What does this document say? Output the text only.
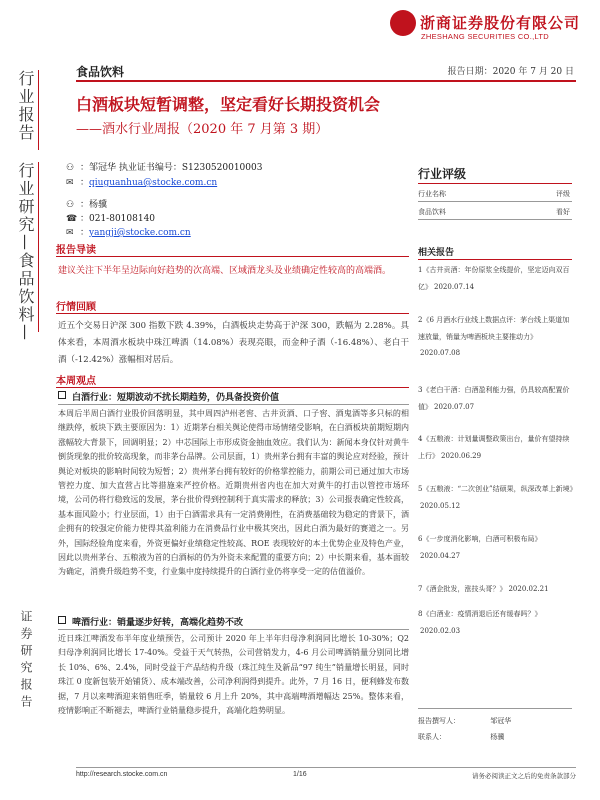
浙商证券股份有限公司
ZHESHANG SECURITIES CO.,LTD
食品饮料	报告日期：2020 年 7 月 20 日
行业报告
行业研究—食品饮料—
证券研究报告
白酒板块短暂调整，坚定看好长期投资机会
——酒水行业周报（2020 年 7 月第 3 期）
⚇ ：邹冠华 执业证书编号：S1230520010003
✉ ：qiuguanhua@stocke.com.cn
⚇ ：杨骥
☎ ：021-80108140
✉ ：yangji@stocke.com.cn
报告导读
建议关注下半年呈边际向好趋势的次高端、区域酒龙头及业绩确定性较高的高端酒。
行情回顾
近五个交易日沪深 300 指数下跌 4.39%，白酒板块走势高于沪深 300，跌幅为 2.28%。具体来看，本周酒水板块中珠江啤酒（14.08%）表现亮眼，而金种子酒（-16.48%）、老白干酒（-12.42%）涨幅相对居后。
本周观点
白酒行业：短期波动不扰长期趋势，仍具备投资价值
本周后半周白酒行业股价回落明显，其中周四泸州老窖、古井贡酒、口子窖、酒鬼酒等多只标的相继跌停，板块下跌主要原因为：1）近期茅台相关舆论使得市场情绪受影响，在白酒板块前期短期内涨幅较大背景下，回调明显；2）中芯国际上市形成资金抽血效应。我们认为：新闻本身仅针对黄牛倒货现象的批价较高现象，而非茅台品牌。公司层面，1）贵州茅台拥有丰富的舆论应对经验，预计舆论对板块的影响时间较为短暂；2）贵州茅台拥有较好的价格掌控能力，前期公司已通过加大市场管控力度、加大直营占比等措施来严控价格。近期贵州省内也在加大对黄牛的打击以管控市场环境，公司仍将行稳致远的发展，茅台批价得到控制利于真实需求的释放；3）公司报表确定性较高，基本面风险小；行业层面，1）由于白酒需求具有一定消费刚性，在消费基础较为稳定的背景下，酒企拥有的较强定价能力使得其盈利能力在消费品行业中极其突出，因此白酒为最好的赛道之一。另外，国际经验角度来看，外资更偏好业绩稳定性较高、ROE 表现较好的本土优势企业及特色产业，因此以贵州茅台、五粮液为首的白酒标的仍为外资未来配置的重要方向；2）中长期来看，基本面较为确定，消费升级趋势不变，行业集中度持续提升的白酒行业仍将享受一定的估值溢价。
啤酒行业：销量逐步好转，高端化趋势不改
近日珠江啤酒发布半年度业绩预告，公司预计 2020 年上半年归母净利润同比增长 10-30%；Q2 归母净利润同比增长 17-40%。受益于天气转热，公司营销发力，4-6 月公司啤酒销量分别同比增长 10%、6%、2.4%，同时受益于产品结构升级（珠江纯生及新品“97 纯生”销量增长明显，同时珠江 0 度新包装开始铺货）、成本端改善，公司净利润得到提升。此外，7 月 16 日，便利蜂发布数据，7 月以来啤酒迎来销售旺季，销量较 6 月上升 20%，其中高端啤酒增幅达 25%。整体来看，疫情影响正不断褪去，啤酒行业销量稳步提升，高端化趋势明显。
行业评级
行业名称	评级
食品饮料	看好
相关报告
1《古井贡酒：年份原浆全线提价，坚定迈向双百亿》 2020.07.14
2《6 月酒水行业线上数据点评：茅台线上渠道加速放量，销量为啤酒板块主要推动力》2020.07.08
3《老白干酒：白酒盈利能力强，仍具较高配置价值》 2020.07.07
4《五粮液：计划量调整政策出台，量价有望持续上行》 2020.06.29
5《五粮液：“二次创业”结硕果，纵深改革上新境》2020.05.12
6《一步度消化影响，白酒可积极布局》2020.04.27
7《酒企批发，涨技头哥？》 2020.02.21
8《白酒业：疫情消退后还有缓春吗？》2020.02.03
报告撰写人：	邹冠华
联系人：	杨骥
http://research.stocke.com.cn	1/16	请务必阅读正文之后的免责条款部分
